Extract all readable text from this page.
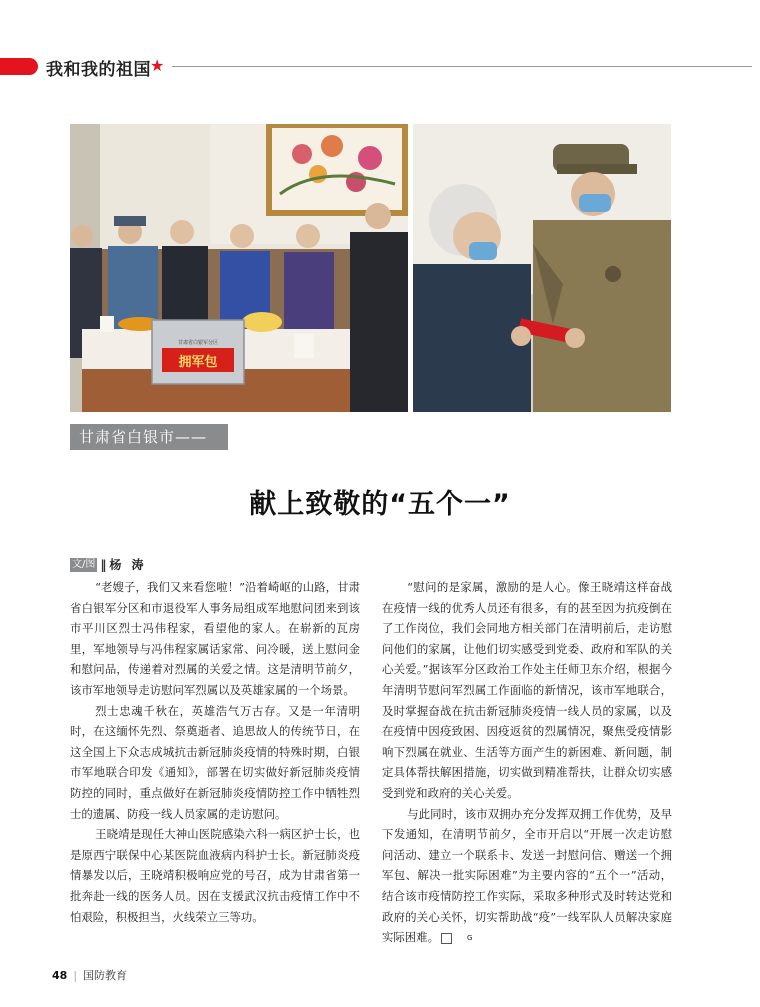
我和我的祖国 ★
拥军包
甘肃省白银军分区
甘肃省白银市——
献上致敬的“五个一”
文/图 ‖ 杨 涛

“老嫂子，我们又来看您啦！”沿着崎岖的山路，甘肃省白银军分区和市退役军人事务局组成军地慰问团来到该市平川区烈士冯伟程家，看望他的家人。在崭新的瓦房里，军地领导与冯伟程家属话家常、问冷暖，送上慰问金和慰问品，传递着对烈属的关爱之情。这是清明节前夕，该市军地领导走访慰问军烈属以及英雄家属的一个场景。

烈士忠魂千秋在，英雄浩气万古存。又是一年清明时，在这缅怀先烈、祭奠逝者、追思故人的传统节日，在这全国上下众志成城抗击新冠肺炎疫情的特殊时期，白银市军地联合印发《通知》，部署在切实做好新冠肺炎疫情防控的同时，重点做好在新冠肺炎疫情防控工作中牺牲烈士的遗属、防疫一线人员家属的走访慰问。

王晓靖是现任大神山医院感染六科一病区护士长，也是原西宁联保中心某医院血液病内科护士长。新冠肺炎疫情暴发以后，王晓靖积极响应党的号召，成为甘肃省第一批奔赴一线的医务人员。因在支援武汉抗击疫情工作中不怕艰险，积极担当，火线荣立三等功。

“慰问的是家属，激励的是人心。像王晓靖这样奋战在疫情一线的优秀人员还有很多，有的甚至因为抗疫倒在了工作岗位，我们会同地方相关部门在清明前后，走访慰问他们的家属，让他们切实感受到党委、政府和军队的关心关爱。”据该军分区政治工作处主任师卫东介绍，根据今年清明节慰问军烈属工作面临的新情况，该市军地联合，及时掌握奋战在抗击新冠肺炎疫情一线人员的家属，以及在疫情中因疫致困、因疫返贫的烈属情况，聚焦受疫情影响下烈属在就业、生活等方面产生的新困难、新问题，制定具体帮扶解困措施，切实做到精准帮扶，让群众切实感受到党和政府的关心关爱。

与此同时，该市双拥办充分发挥双拥工作优势，及早下发通知，在清明节前夕，全市开启以“开展一次走访慰问活动、建立一个联系卡、发送一封慰问信、赠送一个拥军包、解决一批实际困难”为主要内容的“五个一”活动，结合该市疫情防控工作实际，采取多种形式及时转达党和政府的关心关怀，切实帮助战“疫”一线军队人员解决家庭实际困难。	G

48 | 国防教育
